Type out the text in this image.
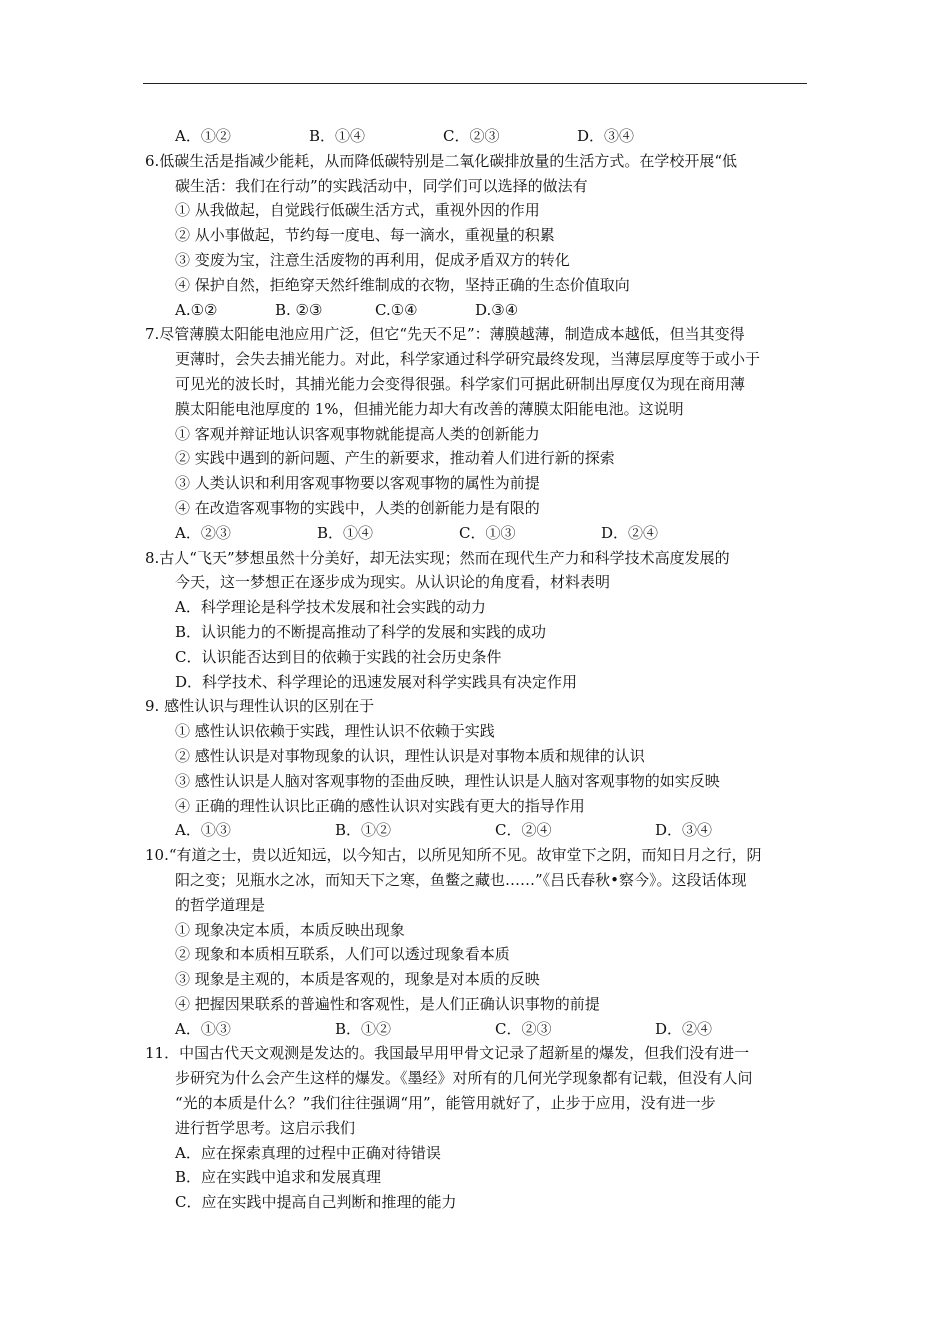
A．①②	B．①④	C．②③	D．③④
6.低碳生活是指减少能耗，从而降低碳特别是二氧化碳排放量的生活方式。在学校开展“低
碳生活：我们在行动”的实践活动中，同学们可以选择的做法有
① 从我做起，自觉践行低碳生活方式，重视外因的作用
② 从小事做起，节约每一度电、每一滴水，重视量的积累
③ 变废为宝，注意生活废物的再利用，促成矛盾双方的转化
④ 保护自然，拒绝穿天然纤维制成的衣物，坚持正确的生态价值取向
A.①②	B. ②③	C.①④	D.③④
7.尽管薄膜太阳能电池应用广泛，但它“先天不足”：薄膜越薄，制造成本越低，但当其变得
更薄时，会失去捕光能力。对此，科学家通过科学研究最终发现，当薄层厚度等于或小于
可见光的波长时，其捕光能力会变得很强。科学家们可据此研制出厚度仅为现在商用薄
膜太阳能电池厚度的 1%，但捕光能力却大有改善的薄膜太阳能电池。这说明
① 客观并辩证地认识客观事物就能提高人类的创新能力
② 实践中遇到的新问题、产生的新要求，推动着人们进行新的探索
③ 人类认识和利用客观事物要以客观事物的属性为前提
④ 在改造客观事物的实践中，人类的创新能力是有限的
A．②③	B．①④	C．①③	D．②④
8.古人“飞天”梦想虽然十分美好，却无法实现；然而在现代生产力和科学技术高度发展的
今天，这一梦想正在逐步成为现实。从认识论的角度看，材料表明
A．科学理论是科学技术发展和社会实践的动力
B．认识能力的不断提高推动了科学的发展和实践的成功
C．认识能否达到目的依赖于实践的社会历史条件
D．科学技术、科学理论的迅速发展对科学实践具有决定作用
9. 感性认识与理性认识的区别在于
① 感性认识依赖于实践，理性认识不依赖于实践
② 感性认识是对事物现象的认识，理性认识是对事物本质和规律的认识
③ 感性认识是人脑对客观事物的歪曲反映，理性认识是人脑对客观事物的如实反映
④ 正确的理性认识比正确的感性认识对实践有更大的指导作用
A．①③	B．①②	C．②④	D．③④
10.“有道之士，贵以近知远，以今知古，以所见知所不见。故审堂下之阴，而知日月之行，阴
阳之变；见瓶水之冰，而知天下之寒，鱼鳖之藏也……”《吕氏春秋•察今》。这段话体现
的哲学道理是
① 现象决定本质，本质反映出现象
② 现象和本质相互联系，人们可以透过现象看本质
③ 现象是主观的，本质是客观的，现象是对本质的反映
④ 把握因果联系的普遍性和客观性，是人们正确认识事物的前提
A．①③	B．①②	C．②③	D．②④
11．中国古代天文观测是发达的。我国最早用甲骨文记录了超新星的爆发，但我们没有进一
步研究为什么会产生这样的爆发。《墨经》对所有的几何光学现象都有记载，但没有人问
“光的本质是什么？”我们往往强调“用”，能管用就好了，止步于应用，没有进一步
进行哲学思考。这启示我们
A．应在探索真理的过程中正确对待错误
B．应在实践中追求和发展真理
C．应在实践中提高自己判断和推理的能力
